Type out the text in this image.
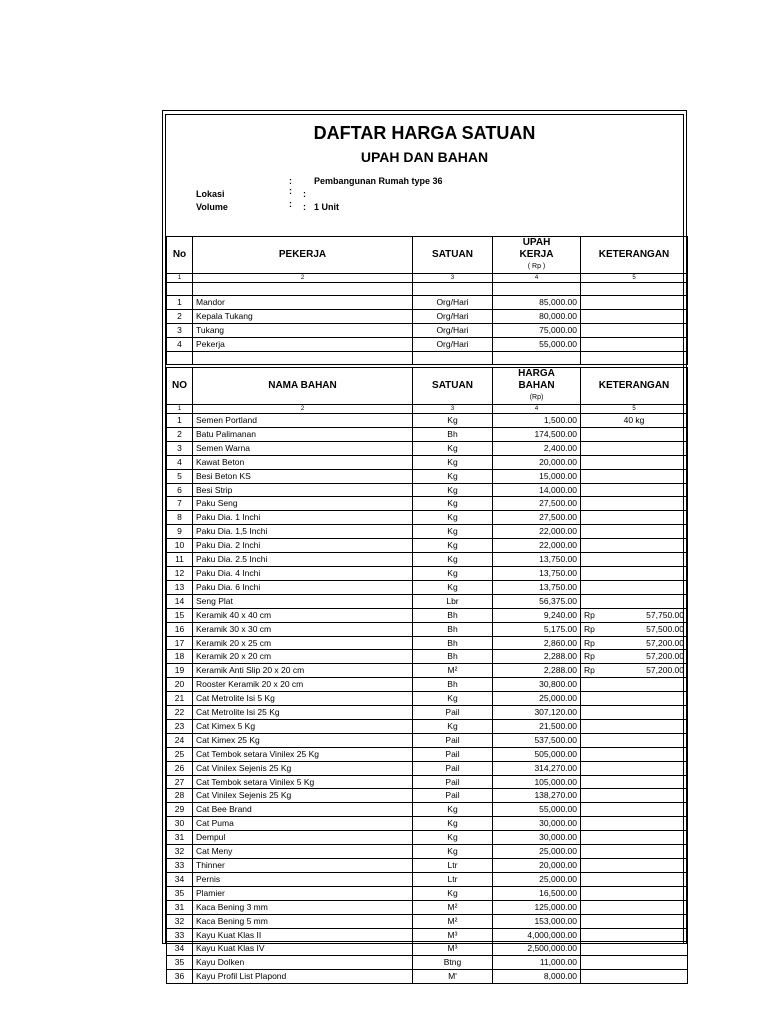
DAFTAR HARGA SATUAN
UPAH DAN BAHAN
: Pembangunan Rumah type 36
Lokasi	: :
Volume	: : 1 Unit
No	PEKERJA	SATUAN	UPAH
KERJA
( Rp )	KETERANGAN
1	2	3	4	5

1	Mandor	Org/Hari	85,000.00	
2	Kepala Tukang	Org/Hari	80,000.00	
3	Tukang	Org/Hari	75,000.00	
4	Pekerja	Org/Hari	55,000.00	

NO	NAMA BAHAN	SATUAN	HARGA
BAHAN
(Rp)	KETERANGAN
1	2	3	4	5
1	Semen Portland	Kg	1,500.00	40 kg
2	Batu Palimanan	Bh	174,500.00	
3	Semen Warna	Kg	2,400.00	
4	Kawat Beton	Kg	20,000.00	
5	Besi Beton KS	Kg	15,000.00	
6	Besi Strip	Kg	14,000.00	
7	Paku Seng	Kg	27,500.00	
8	Paku Dia. 1 Inchi	Kg	27,500.00	
9	Paku Dia. 1,5 Inchi	Kg	22,000.00	
10	Paku Dia. 2 Inchi	Kg	22,000.00	
11	Paku Dia. 2.5 Inchi	Kg	13,750.00	
12	Paku Dia. 4 Inchi	Kg	13,750.00	
13	Paku Dia. 6 Inchi	Kg	13,750.00	
14	Seng Plat	Lbr	56,375.00	
15	Keramik 40 x 40 cm	Bh	9,240.00	Rp 57,750.00

16	Keramik 30 x 30 cm	Bh	5,175.00	Rp 57,500.00

17	Keramik 20 x 25 cm	Bh	2,860.00	Rp 57,200.00

18	Keramik 20 x 20 cm	Bh	2,288.00	Rp 57,200.00

19	Keramik Anti Slip 20 x 20 cm	M²	2,288.00	Rp 57,200.00

20	Rooster Keramik 20 x 20 cm	Bh	30,800.00	
21	Cat Metrolite Isi 5 Kg	Kg	25,000.00	
22	Cat Metrolite Isi 25 Kg	Pail	307,120.00	
23	Cat Kimex 5 Kg	Kg	21,500.00	
24	Cat Kimex 25 Kg	Pail	537,500.00	
25	Cat Tembok setara Vinilex 25 Kg	Pail	505,000.00	
26	Cat Vinilex Sejenis 25 Kg	Pail	314,270.00	
27	Cat Tembok setara Vinilex 5 Kg	Pail	105,000.00	
28	Cat Vinilex Sejenis 25 Kg	Pail	138,270.00	
29	Cat Bee Brand	Kg	55,000.00	
30	Cat Puma	Kg	30,000.00	
31	Dempul	Kg	30,000.00	
32	Cat Meny	Kg	25,000.00	
33	Thinner	Ltr	20,000.00	
34	Pernis	Ltr	25,000.00	
35	Plamier	Kg	16,500.00	
31	Kaca Bening 3 mm	M²	125,000.00	
32	Kaca Bening 5 mm	M²	153,000.00	
33	Kayu Kuat Klas II	M³	4,000,000.00	
34	Kayu Kuat Klas IV	M³	2,500,000.00	
35	Kayu Dolken	Btng	11,000.00	
36	Kayu Profil List Plapond	M'	8,000.00	
